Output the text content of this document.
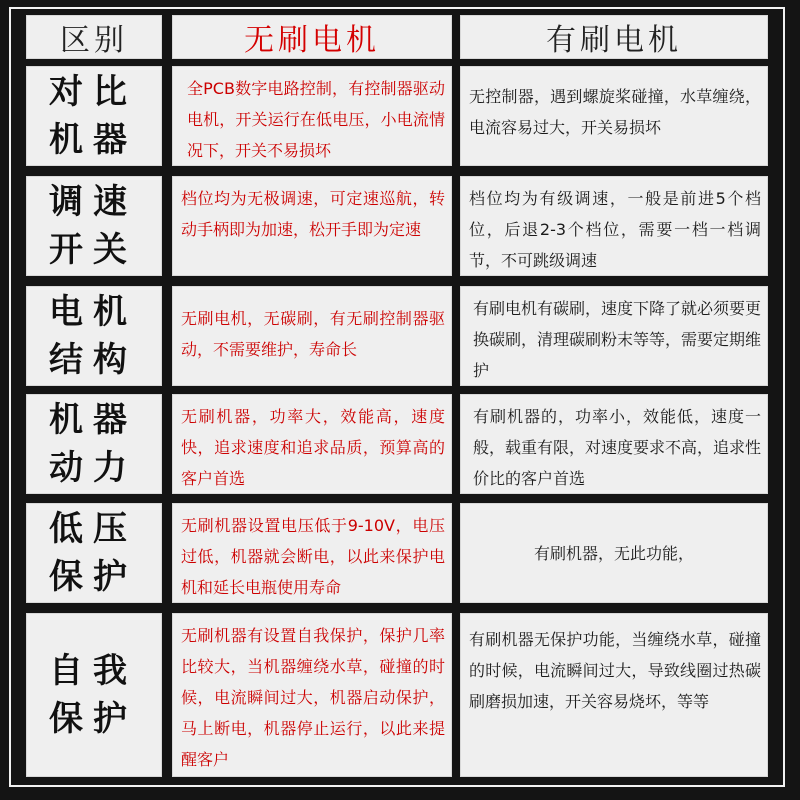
区别	无刷电机	有刷电机
对比机器
全PCB数字电路控制，有控制器驱动电机，开关运行在低电压，小电流情况下，开关不易损坏
无控制器，遇到螺旋桨碰撞，水草缠绕，电流容易过大，开关易损坏
调速开关
档位均为无极调速，可定速巡航，转动手柄即为加速，松开手即为定速
档位均为有级调速，一般是前进5个档位，后退2-3个档位，需要一档一档调节，不可跳级调速
电机结构
无刷电机，无碳刷，有无刷控制器驱动，不需要维护，寿命长
有刷电机有碳刷，速度下降了就必须要更换碳刷，清理碳刷粉末等等，需要定期维护
机器动力
无刷机器，功率大，效能高，速度快，追求速度和追求品质，预算高的客户首选
有刷机器的，功率小，效能低，速度一般，载重有限，对速度要求不高，追求性价比的客户首选
低压保护
无刷机器设置电压低于9-10V，电压过低，机器就会断电，以此来保护电机和延长电瓶使用寿命
有刷机器，无此功能，
自我保护
无刷机器有设置自我保护，保护几率比较大，当机器缠绕水草，碰撞的时候，电流瞬间过大，机器启动保护，马上断电，机器停止运行，以此来提醒客户
有刷机器无保护功能，当缠绕水草，碰撞的时候，电流瞬间过大，导致线圈过热碳刷磨损加速，开关容易烧坏，等等
